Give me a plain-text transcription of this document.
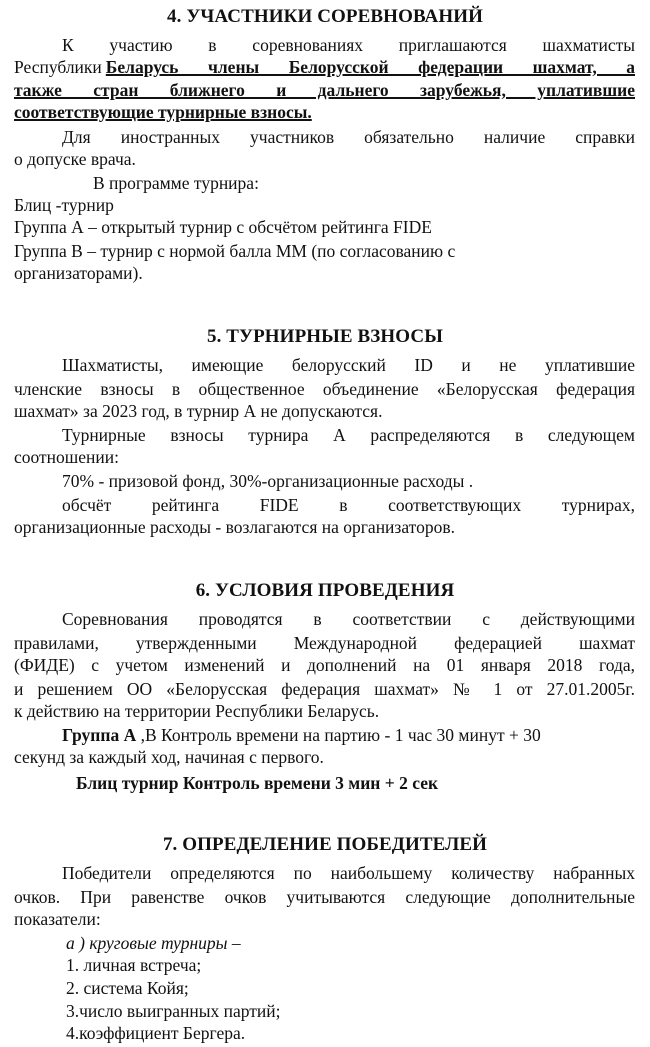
4. УЧАСТНИКИ СОРЕВНОВАНИЙ
К участию в соревнованиях приглашаются шахматисты
Республики Беларусь члены Белорусской федерации шахмат, а
также стран ближнего и дальнего зарубежья, уплатившие
соответствующие турнирные взносы.
Для иностранных участников обязательно наличие справки
о допуске врача.
В программе турнира:
Блиц -турнир
Группа А – открытый турнир с обсчётом рейтинга FIDE
Группа В – турнир с нормой балла ММ (по согласованию с
организаторами).
5. ТУРНИРНЫЕ ВЗНОСЫ
Шахматисты, имеющие белорусский ID и не уплатившие
членские взносы в общественное объединение «Белорусская федерация
шахмат» за 2023 год, в турнир А не допускаются.
Турнирные взносы турнира А распределяются в следующем
соотношении:
70% - призовой фонд, 30%-организационные расходы .
обсчёт рейтинга FIDE в соответствующих турнирах,
организационные расходы - возлагаются на организаторов.
6. УСЛОВИЯ ПРОВЕДЕНИЯ
Соревнования проводятся в соответствии с действующими
правилами, утвержденными Международной федерацией шахмат
(ФИДЕ) с учетом изменений и дополнений на 01 января 2018 года,
и решением ОО «Белорусская федерация шахмат» № 1 от 27.01.2005г.
к действию на территории Республики Беларусь.
Группа А ,В Контроль времени на партию - 1 час 30 минут + 30
секунд за каждый ход, начиная с первого.
Блиц турнир Контроль времени 3 мин + 2 сек
7. ОПРЕДЕЛЕНИЕ ПОБЕДИТЕЛЕЙ
Победители определяются по наибольшему количеству набранных
очков. При равенстве очков учитываются следующие дополнительные
показатели:
а ) круговые турниры –
1. личная встреча;
2. система Койя;
3.число выигранных партий;
4.коэффициент Бергера.
